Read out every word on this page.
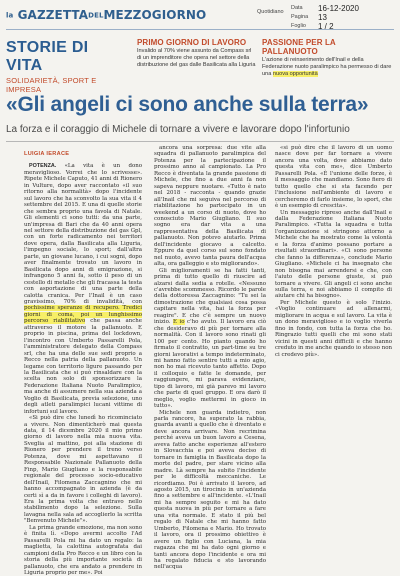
la GAZZETTADELMEZZOGIORNO	Quotidiano
Data 16-12-2020
Pagina 13
Foglio 1 / 2
STORIE DI VITA
SOLIDARIETÀ, SPORT E IMPRESA
PRIMO GIORNO DI LAVORO
Invalido al 70% viene assunto da Compass srl di un imprenditore che opera nel settore della distribuzione del gas dalle Basilicata alla Liguria
PASSIONE PER LA PALLANUOTO
L'azione di reinserimento dell'Inail e della Federazione nuoto paralimpico ha permesso di dare una nuova opportunità
«Gli angeli ci sono anche sulla terra»
La forza e il coraggio di Michele di tornare a vivere e lavorare dopo l'infortunio
LUIGIA IERACE

POTENZA. «La vita è un dono meraviglioso. Vorrei che lo scrivesse». Ripete Michele Caputo, 41 anni di Rionero in Vulture, dopo aver raccontato «il suo ritorno alla normalità» dopo l'incidente sul lavoro che ha sconvolto la sua vita il 4 settembre del 2015. E una di quelle storie che sembra proprio una favola di Natale. Gli elementi ci sono tutti: da una parte, un'impresa di Bari che da 40 anni opera nel settore della distribuzione del gas Gpl, con un forte radicamento nei territori dove opera, dalla Basilicata alla Liguria, l'impegno sociale, lo sport; dall'altra parte, un giovane lucano, i cui sogni, dopo aver finalmente trovato un lavoro in Basilicata dopo anni di emigrazione, si infrangono 5 anni fa, sotto il peso di un cestello di metallo che gli fracassa la testa con asportazione di una parte della calotta cranica. Per l'Inail è un caso gravissimo, 70% di invalidità, con pochissime speranze di recupero. Tredici giorni di coma, poi un lunghissimo percorso riabilitativo che passa anche attraverso il motore la pallanuoto. E proprio in piscina, prima del lockdown, l'incontro con Umberto Passarelli Pola, l'amministratore delegato della Compass srl, che ha una delle sue sedi proprio a Recco nella patria della pallanuoto. Un legame con territorio ligure passando per la Basilicata che si può rinsaldare con la scelta non solo di sponsorizzare la Federazione Italiana Nuoto Paralimpico, ma anche di assumere nella sua azienda a Voglio di Basilicata, previa selezione, uno degli atleti paralimpici lucani vittime di infortuni sul lavoro.

«Si può dire che lunedì ho ricominciato a vivere. Non dimenticherò mai questa data, il 14 dicembre 2020 il mio primo giorno di lavoro nella mia nuova vita. Sveglia al mattino, poi alla stazione di Rionero per prendere il treno verso Potenza, dove mi aspettavano il Responsabile Nazionale Pallanuoto della Finp, Mario Giugliano e la responsabile regionale del processo socio-educativo dell'Inail, Filomena Zaccagnino che mi hanno accompagnato in azienda (è da certi sì a da in favore i colleghi di lavoro). Era la prima volta che entravo nello stabilimento dopo la selezione. Sulla lavagna nella sala ad accoglierlo la scritta "Benvenuto Michele"».

La prima grande emozione, ma non sono è finita lì. «Dopo avermi accolto l'Ad Passarelli Pola mi ha dato un regalo: la maglietta, la calottina autografata dai campioni della Pro Recco e un libro con la storia della più importante società di pallanuoto, che era andato a prendere in Liguria proprio per me». Poi

ancora una sorpresa: due vite alla squadra di pallanuoto paralimpica del Potenza per la partecipazione il prossimo anno al campionato. La Pro Recco è diventata la grande passione di Michele, che fino a due anni fa non sapeva neppure nuotare. «Tutto è nato nel 2018 - racconta - quando grazie all'Inail che mi seguiva nel percorso di riabilitazione ho partecipato in un weekend a un corso di nuoto, dove ho conosciuto Mario Giugliano. Il suo sogno era dar vita a una rappresentativa della Basilicata di pallanuoto. Non potevo aiutarlo. Prima dell'incidente giocavo a calcetto. Eppure da quel corso sul sono fondato nel nuoto, avevo tanta paura dell'acqua alta, ora galleggio e sto migliorando».

Gli miglioramenti se ha fatti tanti, prima di tutto quello di riuscire ad alzarsi dalla sedia a rotelle. «Nessuno c'avrebbe scommesso. Ricordo le parole della dottoressa Zaccagnino: "Tu sei la dimostrazione che qualsiasi cosa possa capitare nella vita, hai la forza per reagire". E che c'è sempre un nuovo inizio. E io c'ho avuto. Il lavoro era ciò che desideravo di più per tornare alla normalità. Con il lavoro sono rinati gli 100 per cento. Ho pianto quando ho firmato il contratto, un part-time su tre giorni lavorativi a tempo indeterminato, mi hanno fatto sentire tutti a mio agio, non ho mai ricevuto tanto affetto. Dopo il colloquio e fatte le domande, per raggiungere, mi parava evidenziare, tipo di lavoro, mi già parevo mi lavoro che parte di quel gruppo. E ora darò il meglio, voglio mettermi in gioco in tutto».

Michele non guarda indietro, non parla rancore, ha superato la rabbia, guarda avanti a quello che è diventato e deve ancora arrivare. Non recrimina perché aveva un buon lavoro a Cesena, aveva fatto anche esperienze all'estero in Slovacchia e poi aveva deciso di tornare in famiglia in Basilicata dopo la morte del padre, per stare vicino alla madre. Là sempre ha subito l'incidente per le difficoltà meccaniche. Le ricordiamo. Poi è arrivato il lavoro, ad agosto 2015, un tirocinio in un'azienda fino a settembre e all'incidente. «L'Inail mi ha sempre seguito e mi ha dato questa nuova in più per tornare a fare una vita normale. E stato il più bel regalo di Natale che mi hanno fatto Umberto, Filomena e Mario. Ho trovato il lavoro, ora il prossimo obiettivo è avere un figlio con Luciana, la mia ragazza che mi ha dato ogni giorno e tanti ancora dopo l'incidente e ora mi ha regalato fiducia e sto lavorando nell'acqua

«si può dire che il lavoro di un uomo nasce dove per far tornare a vivere ancora una volta, dove abbiamo dato questa vita con me», dice Umberto Passarelli Pola. «È l'unione delle forze, è il messaggio che mandiamo. Sono fiero di tutto quello che si sta facendo per l'inclusione nell'ambiente di lavoro e cercheremo di farlo insieme, lo sport, che è un esempio di crescita».

Un messaggio ripreso anche dall'Inail e dalla Federazione Italiana Nuoto Paralimpico. «Tutta la squadra e tutta l'organizzazione si stringono attorno a Michele che ha mostrato come la volontà e la forza d'animo possano portare a risultati straordinari». «Ci sono persone che fanno la differenza», conclude Mario Giugliano. «Michele ci ha insegnato che non bisogna mai arrendersi e che, con l'aiuto delle persone giuste, si può tornare a vivere. Gli angeli ci sono anche sulla terra, e noi abbiamo il compito di aiutare chi ha bisogno».

Per Michele questo è solo l'inizio. «Voglio continuare ad allenarmi, migliorare in acqua e sul lavoro. La vita è un dono meraviglioso e io voglio viverla fino in fondo, con tutta la forza che ho. Ringrazio tutti quelli che mi sono stati vicini in questi anni difficili e che hanno creduto in me anche quando io stesso non ci credevo più».
